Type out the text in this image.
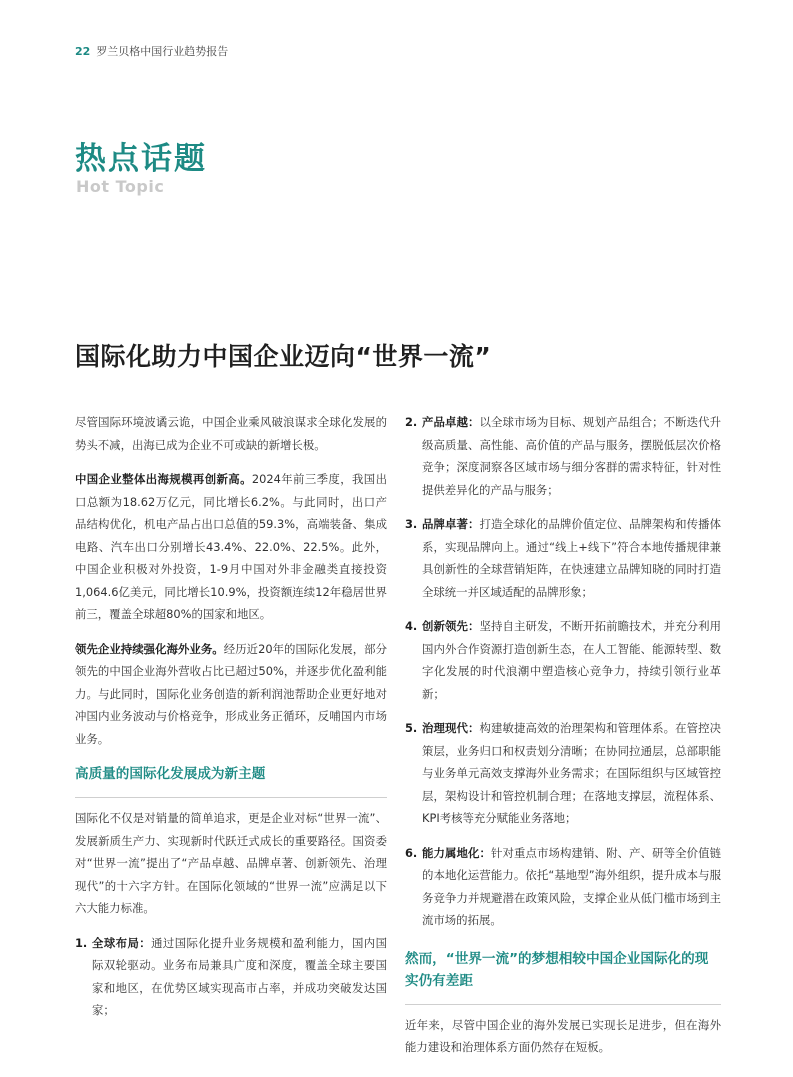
22 罗兰贝格中国行业趋势报告
热点话题
Hot Topic
国际化助力中国企业迈向“世界一流”

尽管国际环境波谲云诡，中国企业乘风破浪谋求全球化发展的势头不减，出海已成为企业不可或缺的新增长极。

中国企业整体出海规模再创新高。2024年前三季度，我国出口总额为18.62万亿元，同比增长6.2%。与此同时，出口产品结构优化，机电产品占出口总值的59.3%，高端装备、集成电路、汽车出口分别增长43.4%、22.0%、22.5%。此外，中国企业积极对外投资，1-9月中国对外非金融类直接投资1,064.6亿美元，同比增长10.9%，投资额连续12年稳居世界前三，覆盖全球超80%的国家和地区。

领先企业持续强化海外业务。经历近20年的国际化发展，部分领先的中国企业海外营收占比已超过50%，并逐步优化盈利能力。与此同时，国际化业务创造的新利润池帮助企业更好地对冲国内业务波动与价格竞争，形成业务正循环，反哺国内市场业务。

高质量的国际化发展成为新主题

国际化不仅是对销量的简单追求，更是企业对标“世界一流”、发展新质生产力、实现新时代跃迁式成长的重要路径。国资委对“世界一流”提出了“产品卓越、品牌卓著、创新领先、治理现代”的十六字方针。在国际化领域的“世界一流”应满足以下六大能力标准。

1. 全球布局：通过国际化提升业务规模和盈利能力，国内国际双轮驱动。业务布局兼具广度和深度，覆盖全球主要国家和地区，在优势区域实现高市占率，并成功突破发达国家；
2. 产品卓越：以全球市场为目标、规划产品组合；不断迭代升级高质量、高性能、高价值的产品与服务，摆脱低层次价格竞争；深度洞察各区域市场与细分客群的需求特征，针对性提供差异化的产品与服务；
3. 品牌卓著：打造全球化的品牌价值定位、品牌架构和传播体系，实现品牌向上。通过“线上+线下”符合本地传播规律兼具创新性的全球营销矩阵，在快速建立品牌知晓的同时打造全球统一并区域适配的品牌形象；
4. 创新领先：坚持自主研发，不断开拓前瞻技术，并充分利用国内外合作资源打造创新生态，在人工智能、能源转型、数字化发展的时代浪潮中塑造核心竞争力，持续引领行业革新；
5. 治理现代：构建敏捷高效的治理架构和管理体系。在管控决策层，业务归口和权责划分清晰；在协同拉通层，总部职能与业务单元高效支撑海外业务需求；在国际组织与区域管控层，架构设计和管控机制合理；在落地支撑层，流程体系、KPI考核等充分赋能业务落地；
6. 能力属地化：针对重点市场构建销、附、产、研等全价值链的本地化运营能力。依托“基地型”海外组织，提升成本与服务竞争力并规避潜在政策风险，支撑企业从低门槛市场到主流市场的拓展。
然而，“世界一流”的梦想相较中国企业国际化的现实仍有差距

近年来，尽管中国企业的海外发展已实现长足进步，但在海外能力建设和治理体系方面仍然存在短板。
